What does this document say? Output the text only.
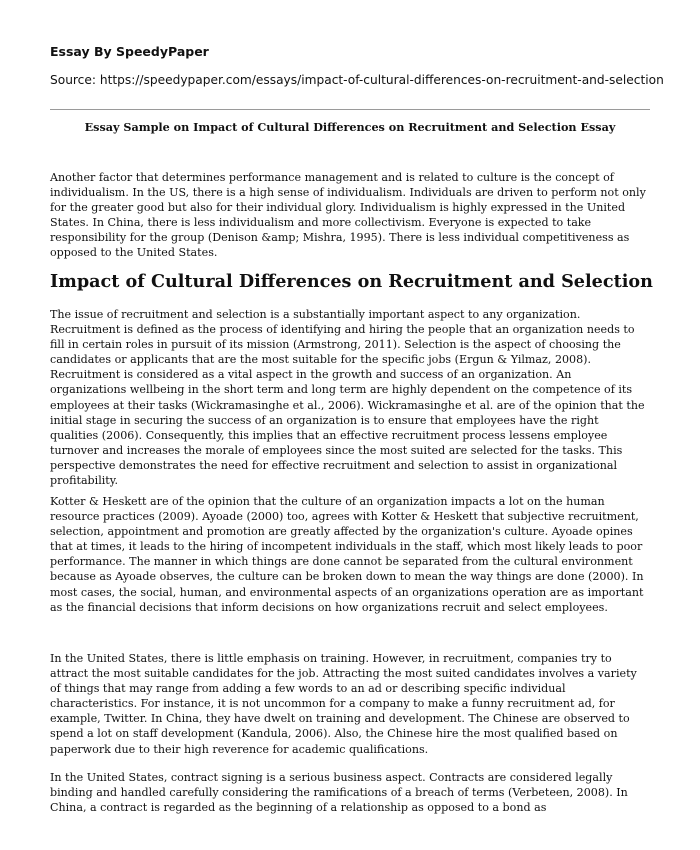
Essay By SpeedyPaper
Source: https://speedypaper.com/essays/impact-of-cultural-differences-on-recruitment-and-selection
Essay Sample on Impact of Cultural Differences on Recruitment and Selection Essay

Another factor that determines performance management and is related to culture is the concept of individualism. In the US, there is a high sense of individualism. Individuals are driven to perform not only for the greater good but also for their individual glory. Individualism is highly expressed in the United States. In China, there is less individualism and more collectivism. Everyone is expected to take responsibility for the group (Denison &amp; Mishra, 1995). There is less individual competitiveness as opposed to the United States.

Impact of Cultural Differences on Recruitment and Selection

The issue of recruitment and selection is a substantially important aspect to any organization. Recruitment is defined as the process of identifying and hiring the people that an organization needs to fill in certain roles in pursuit of its mission (Armstrong, 2011). Selection is the aspect of choosing the candidates or applicants that are the most suitable for the specific jobs (Ergun & Yilmaz, 2008). Recruitment is considered as a vital aspect in the growth and success of an organization. An organizations wellbeing in the short term and long term are highly dependent on the competence of its employees at their tasks (Wickramasinghe et al., 2006). Wickramasinghe et al. are of the opinion that the initial stage in securing the success of an organization is to ensure that employees have the right qualities (2006). Consequently, this implies that an effective recruitment process lessens employee turnover and increases the morale of employees since the most suited are selected for the tasks. This perspective demonstrates the need for effective recruitment and selection to assist in organizational profitability.

Kotter & Heskett are of the opinion that the culture of an organization impacts a lot on the human resource practices (2009). Ayoade (2000) too, agrees with Kotter & Heskett that subjective recruitment, selection, appointment and promotion are greatly affected by the organization's culture. Ayoade opines that at times, it leads to the hiring of incompetent individuals in the staff, which most likely leads to poor performance. The manner in which things are done cannot be separated from the cultural environment because as Ayoade observes, the culture can be broken down to mean the way things are done (2000). In most cases, the social, human, and environmental aspects of an organizations operation are as important as the financial decisions that inform decisions on how organizations recruit and select employees.

In the United States, there is little emphasis on training. However, in recruitment, companies try to attract the most suitable candidates for the job. Attracting the most suited candidates involves a variety of things that may range from adding a few words to an ad or describing specific individual characteristics. For instance, it is not uncommon for a company to make a funny recruitment ad, for example, Twitter. In China, they have dwelt on training and development. The Chinese are observed to spend a lot on staff development (Kandula, 2006). Also, the Chinese hire the most qualified based on paperwork due to their high reverence for academic qualifications.

In the United States, contract signing is a serious business aspect. Contracts are considered legally binding and handled carefully considering the ramifications of a breach of terms (Verbeteen, 2008). In China, a contract is regarded as the beginning of a relationship as opposed to a bond as
